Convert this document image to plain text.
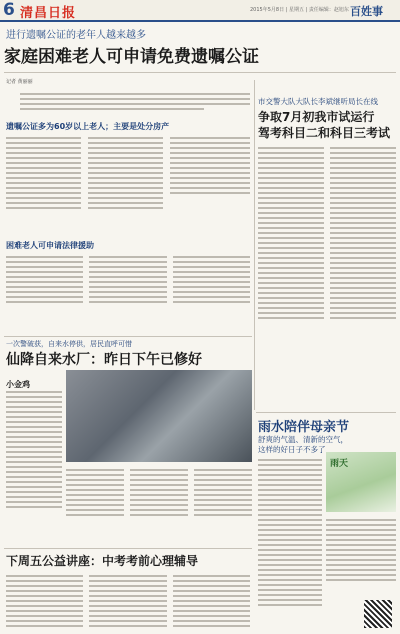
6 清昌日报	2015年5月8日 | 星期五 | 责任编辑：赵旭东 百姓事
进行遗嘱公证的老年人越来越多
家庭困难老人可申请免费遗嘱公证
记者 黄丽丽
遗嘱公证多为60岁以上老人；主要是处分房产
困难老人可申请法律援助
市交警大队大队长李斌继听局长在线
争取7月初我市试运行
驾考科目二和科目三考试
一次警破获，自来水停供，居民直呼可惜
仙降自来水厂：昨日下午已修好
小金鸡
雨水陪伴母亲节
舒爽的气温、清新的空气，
这样的好日子不多了
雨天
下周五公益讲座：中考考前心理辅导
